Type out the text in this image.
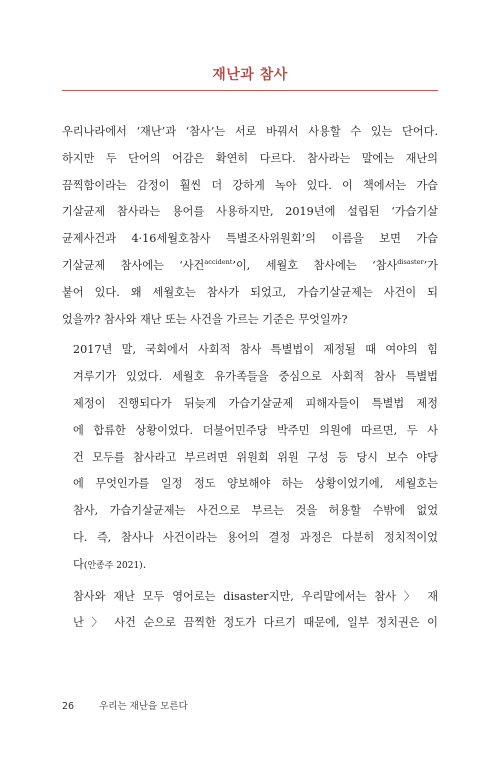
재난과 참사

우리나라에서 ‘재난’과 ‘참사’는 서로 바꿔서 사용할 수 있는 단어다.
하지만 두 단어의 어감은 확연히 다르다. 참사라는 말에는 재난의
끔찍함이라는 감정이 훨씬 더 강하게 녹아 있다. 이 책에서는 가습
기살균제 참사라는 용어를 사용하지만, 2019년에 설립된 ‘가습기살
균제사건과 4·16세월호참사 특별조사위원회’의 이름을 보면 가습
기살균제 참사에는 ‘사건$^{accident}$’이, 세월호 참사에는 ‘참사$^{disaster}$’가
붙어 있다. 왜 세월호는 참사가 되었고, 가습기살균제는 사건이 되
었을까? 참사와 재난 또는 사건을 가르는 기준은 무엇일까?

2017년 말, 국회에서 사회적 참사 특별법이 제정될 때 여야의 힘
겨루기가 있었다. 세월호 유가족들을 중심으로 사회적 참사 특별법
제정이 진행되다가 뒤늦게 가습기살균제 피해자들이 특별법 제정
에 합류한 상황이었다. 더불어민주당 박주민 의원에 따르면, 두 사
건 모두를 참사라고 부르려면 위원회 위원 구성 등 당시 보수 야당
에 무엇인가를 일정 정도 양보해야 하는 상황이었기에, 세월호는
참사, 가습기살균제는 사건으로 부르는 것을 허용할 수밖에 없었
다. 즉, 참사나 사건이라는 용어의 결정 과정은 다분히 정치적이었
다(안종주 2021).

참사와 재난 모두 영어로는 disaster지만, 우리말에서는 참사 〉 재
난 〉 사건 순으로 끔찍한 정도가 다르기 때문에, 일부 정치권은 이

26	우리는 재난을 모른다
